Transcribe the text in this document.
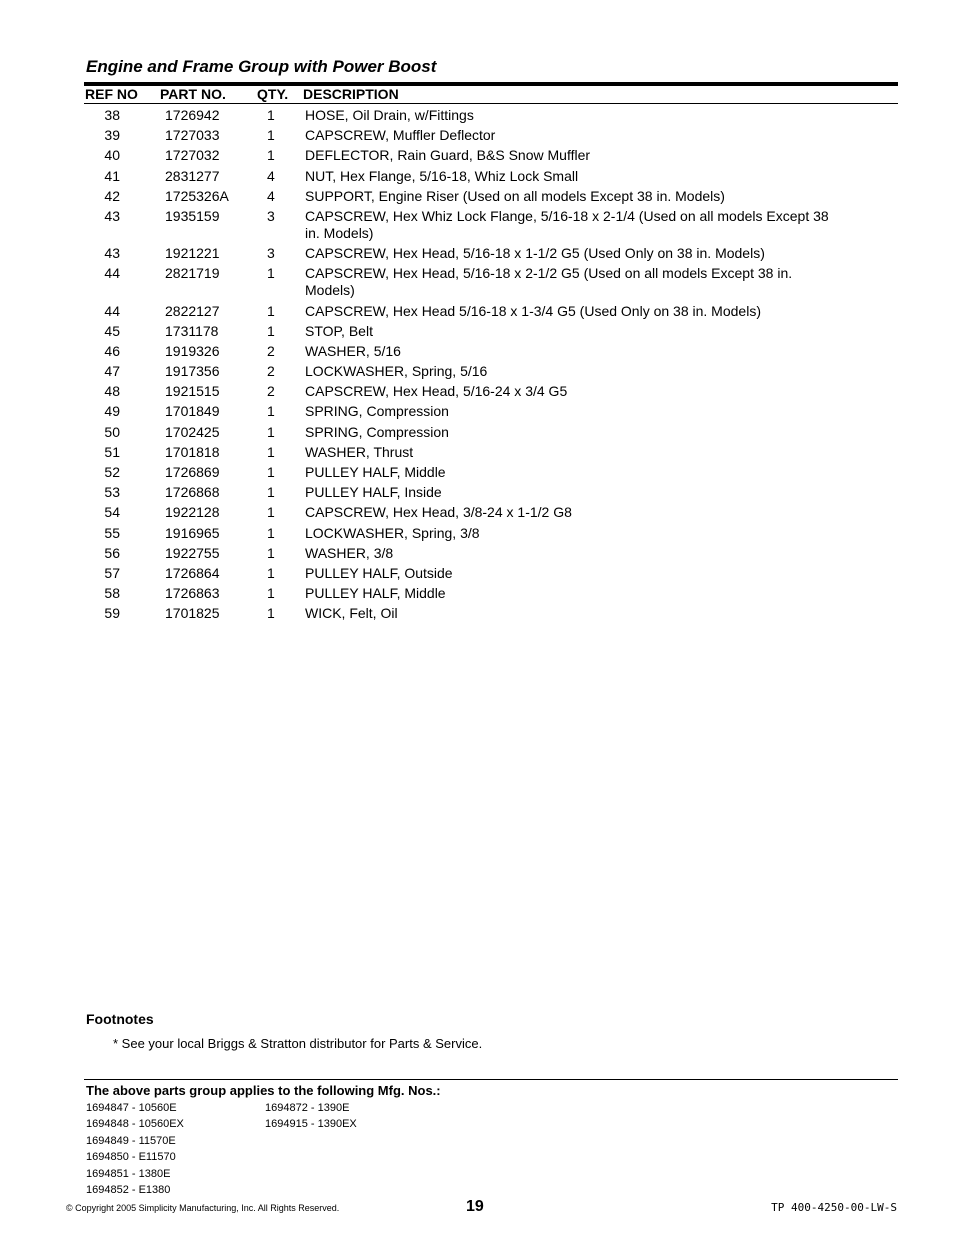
Engine and Frame Group with Power Boost
REF NO PART NO. QTY. DESCRIPTION
38	1726942	1 HOSE, Oil Drain, w/Fittings
39	1727033	1 CAPSCREW, Muffler Deflector
40	1727032	1 DEFLECTOR, Rain Guard, B&S Snow Muffler
41	2831277	4 NUT, Hex Flange, 5/16-18, Whiz Lock Small
42	1725326A	4 SUPPORT, Engine Riser (Used on all models Except 38 in. Models)
43	1935159	3 CAPSCREW, Hex Whiz Lock Flange, 5/16-18 x 2-1/4 (Used on all models Except 38 in. Models)
43	1921221	3 CAPSCREW, Hex Head, 5/16-18 x 1-1/2 G5 (Used Only on 38 in. Models)
44	2821719	1 CAPSCREW, Hex Head, 5/16-18 x 2-1/2 G5 (Used on all models Except 38 in. Models)
44	2822127	1 CAPSCREW, Hex Head 5/16-18 x 1-3/4 G5 (Used Only on 38 in. Models)
45	1731178	1 STOP, Belt
46	1919326	2 WASHER, 5/16
47	1917356	2 LOCKWASHER, Spring, 5/16
48	1921515	2 CAPSCREW, Hex Head, 5/16-24 x 3/4 G5
49	1701849	1 SPRING, Compression
50	1702425	1 SPRING, Compression
51	1701818	1 WASHER, Thrust
52	1726869	1 PULLEY HALF, Middle
53	1726868	1 PULLEY HALF, Inside
54	1922128	1 CAPSCREW, Hex Head, 3/8-24 x 1-1/2 G8
55	1916965	1 LOCKWASHER, Spring, 3/8
56	1922755	1 WASHER, 3/8
57	1726864	1 PULLEY HALF, Outside
58	1726863	1 PULLEY HALF, Middle
59	1701825	1 WICK, Felt, Oil
Footnotes
* See your local Briggs & Stratton distributor for Parts & Service.
The above parts group applies to the following Mfg. Nos.:
1694847 - 10560E
1694848 - 10560EX
1694849 - 11570E
1694850 - E11570
1694851 - 1380E
1694852 - E1380
1694872 - 1390E
1694915 - 1390EX
© Copyright 2005 Simplicity Manufacturing, Inc. All Rights Reserved.	19	TP 400-4250-00-LW-S
